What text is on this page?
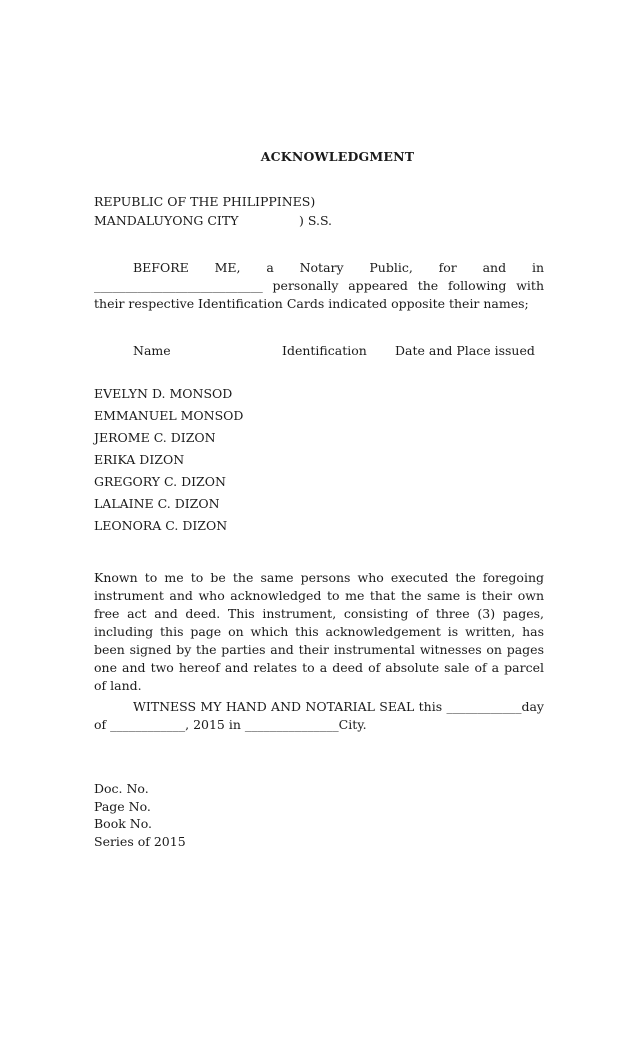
ACKNOWLEDGMENT
REPUBLIC OF THE PHILIPPINES)
MANDALUYONG CITY	) S.S.
BEFORE ME, a Notary Public, for and in ___________________________ personally appeared the following with their respective Identification Cards indicated opposite their names;
Name	Identification Date and Place issued
EVELYN D. MONSOD
EMMANUEL MONSOD
JEROME C. DIZON
ERIKA DIZON
GREGORY C. DIZON
LALAINE C. DIZON
LEONORA C. DIZON
Known to me to be the same persons who executed the foregoing instrument and who acknowledged to me that the same is their own free act and deed. This instrument, consisting of three (3) pages, including this page on which this acknowledgement is written, has been signed by the parties and their instrumental witnesses on pages one and two hereof and relates to a deed of absolute sale of a parcel of land.
WITNESS MY HAND AND NOTARIAL SEAL this ____________day of ____________, 2015 in _______________City.
Doc. No.
Page No.
Book No.
Series of 2015
